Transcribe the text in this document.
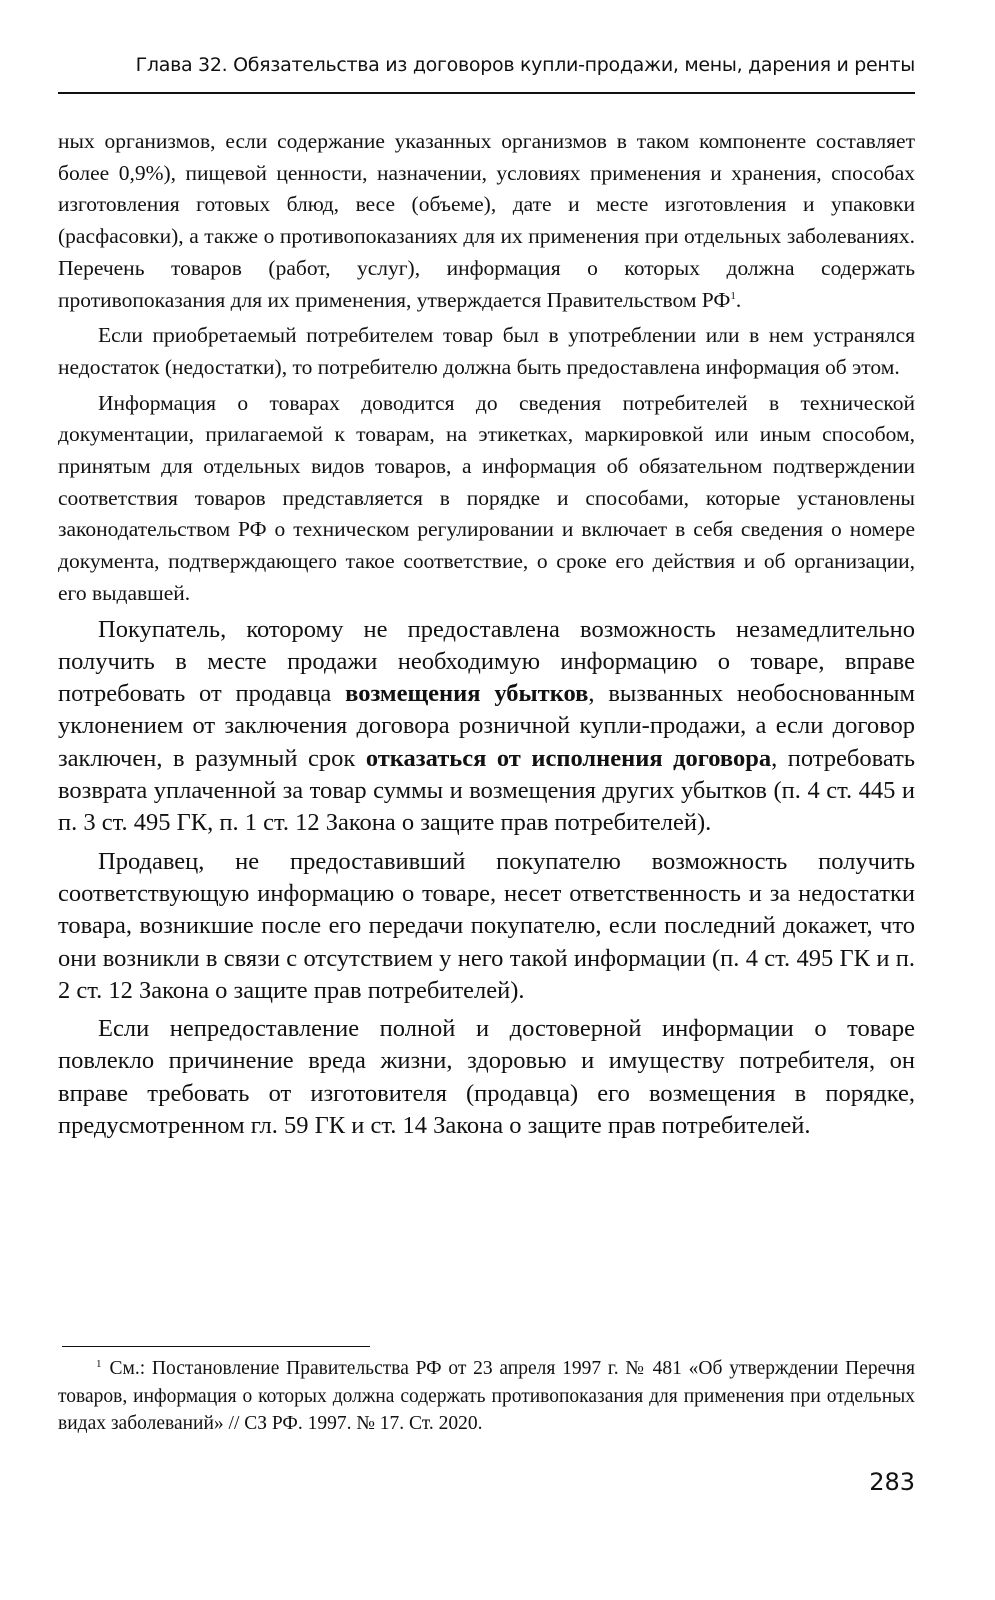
Глава 32. Обязательства из договоров купли-продажи, мены, дарения и ренты

ных организмов, если содержание указанных организмов в таком компоненте составляет более 0,9%), пищевой ценности, назначении, условиях применения и хранения, способах изготовления готовых блюд, весе (объеме), дате и месте изготовления и упаковки (расфасовки), а также о противопоказаниях для их применения при отдельных заболеваниях. Перечень товаров (работ, услуг), информация о которых должна содержать противопоказания для их применения, утверждается Правительством $РФ^1$.

Если приобретаемый потребителем товар был в употреблении или в нем устранялся недостаток (недостатки), то потребителю должна быть предоставлена информация об этом.

Информация о товарах доводится до сведения потребителей в технической документации, прилагаемой к товарам, на этикетках, маркировкой или иным способом, принятым для отдельных видов товаров, а информация об обязательном подтверждении соответствия товаров представляется в порядке и способами, которые установлены законодательством РФ о техническом регулировании и включает в себя сведения о номере документа, подтверждающего такое соответствие, о сроке его действия и об организации, его выдавшей.

Покупатель, которому не предоставлена возможность незамедлительно получить в месте продажи необходимую информацию о товаре, вправе потребовать от продавца возмещения убытков, вызванных необоснованным уклонением от заключения договора розничной купли-продажи, а если договор заключен, в разумный срок отказаться от исполнения договора, потребовать возврата уплаченной за товар суммы и возмещения других убытков (п. 4 ст. 445 и п. 3 ст. 495 ГК, п. 1 ст. 12 Закона о защите прав потребителей).

Продавец, не предоставивший покупателю возможность получить соответствующую информацию о товаре, несет ответственность и за недостатки товара, возникшие после его передачи покупателю, если последний докажет, что они возникли в связи с отсутствием у него такой информации (п. 4 ст. 495 ГК и п. 2 ст. 12 Закона о защите прав потребителей).

Если непредоставление полной и достоверной информации о товаре повлекло причинение вреда жизни, здоровью и имуществу потребителя, он вправе требовать от изготовителя (продавца) его возмещения в порядке, предусмотренном гл. 59 ГК и ст. 14 Закона о защите прав потребителей.

$^1$ См.: Постановление Правительства РФ от 23 апреля 1997 г. № 481 «Об утверждении Перечня товаров, информация о которых должна содержать противопоказания для применения при отдельных видах заболеваний» // СЗ РФ. 1997. № 17. Ст. 2020.
283
